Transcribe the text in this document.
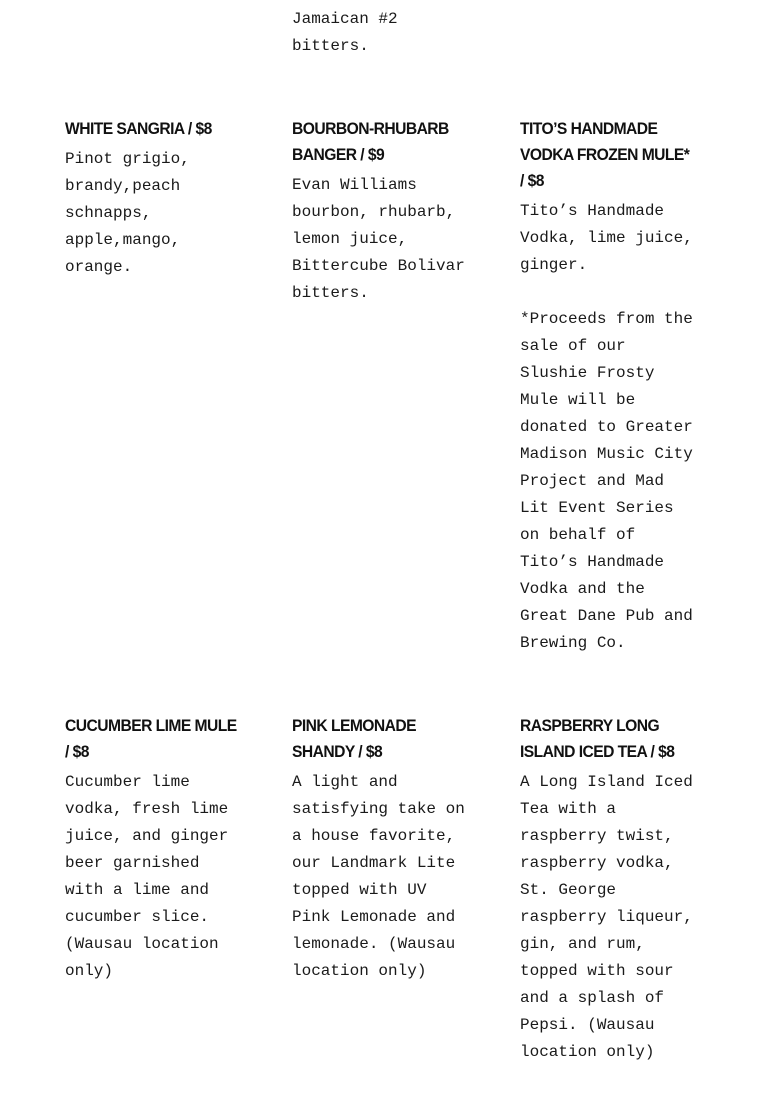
Jamaican #2
bitters.

WHITE SANGRIA / $8

Pinot grigio,
brandy,peach
schnapps,
apple,mango,
orange.

BOURBON-RHUBARB
BANGER / $9

Evan Williams
bourbon, rhubarb,
lemon juice,
Bittercube Bolivar
bitters.

TITO’S HANDMADE
VODKA FROZEN MULE*
/ $8

Tito’s Handmade
Vodka, lime juice,
ginger.

*Proceeds from the
sale of our
Slushie Frosty
Mule will be
donated to Greater
Madison Music City
Project and Mad
Lit Event Series
on behalf of
Tito’s Handmade
Vodka and the
Great Dane Pub and
Brewing Co.

CUCUMBER LIME MULE
/ $8

Cucumber lime
vodka, fresh lime
juice, and ginger
beer garnished
with a lime and
cucumber slice.
(Wausau location
only)

PINK LEMONADE
SHANDY / $8

A light and
satisfying take on
a house favorite,
our Landmark Lite
topped with UV
Pink Lemonade and
lemonade. (Wausau
location only)

RASPBERRY LONG
ISLAND ICED TEA / $8

A Long Island Iced
Tea with a
raspberry twist,
raspberry vodka,
St. George
raspberry liqueur,
gin, and rum,
topped with sour
and a splash of
Pepsi. (Wausau
location only)
